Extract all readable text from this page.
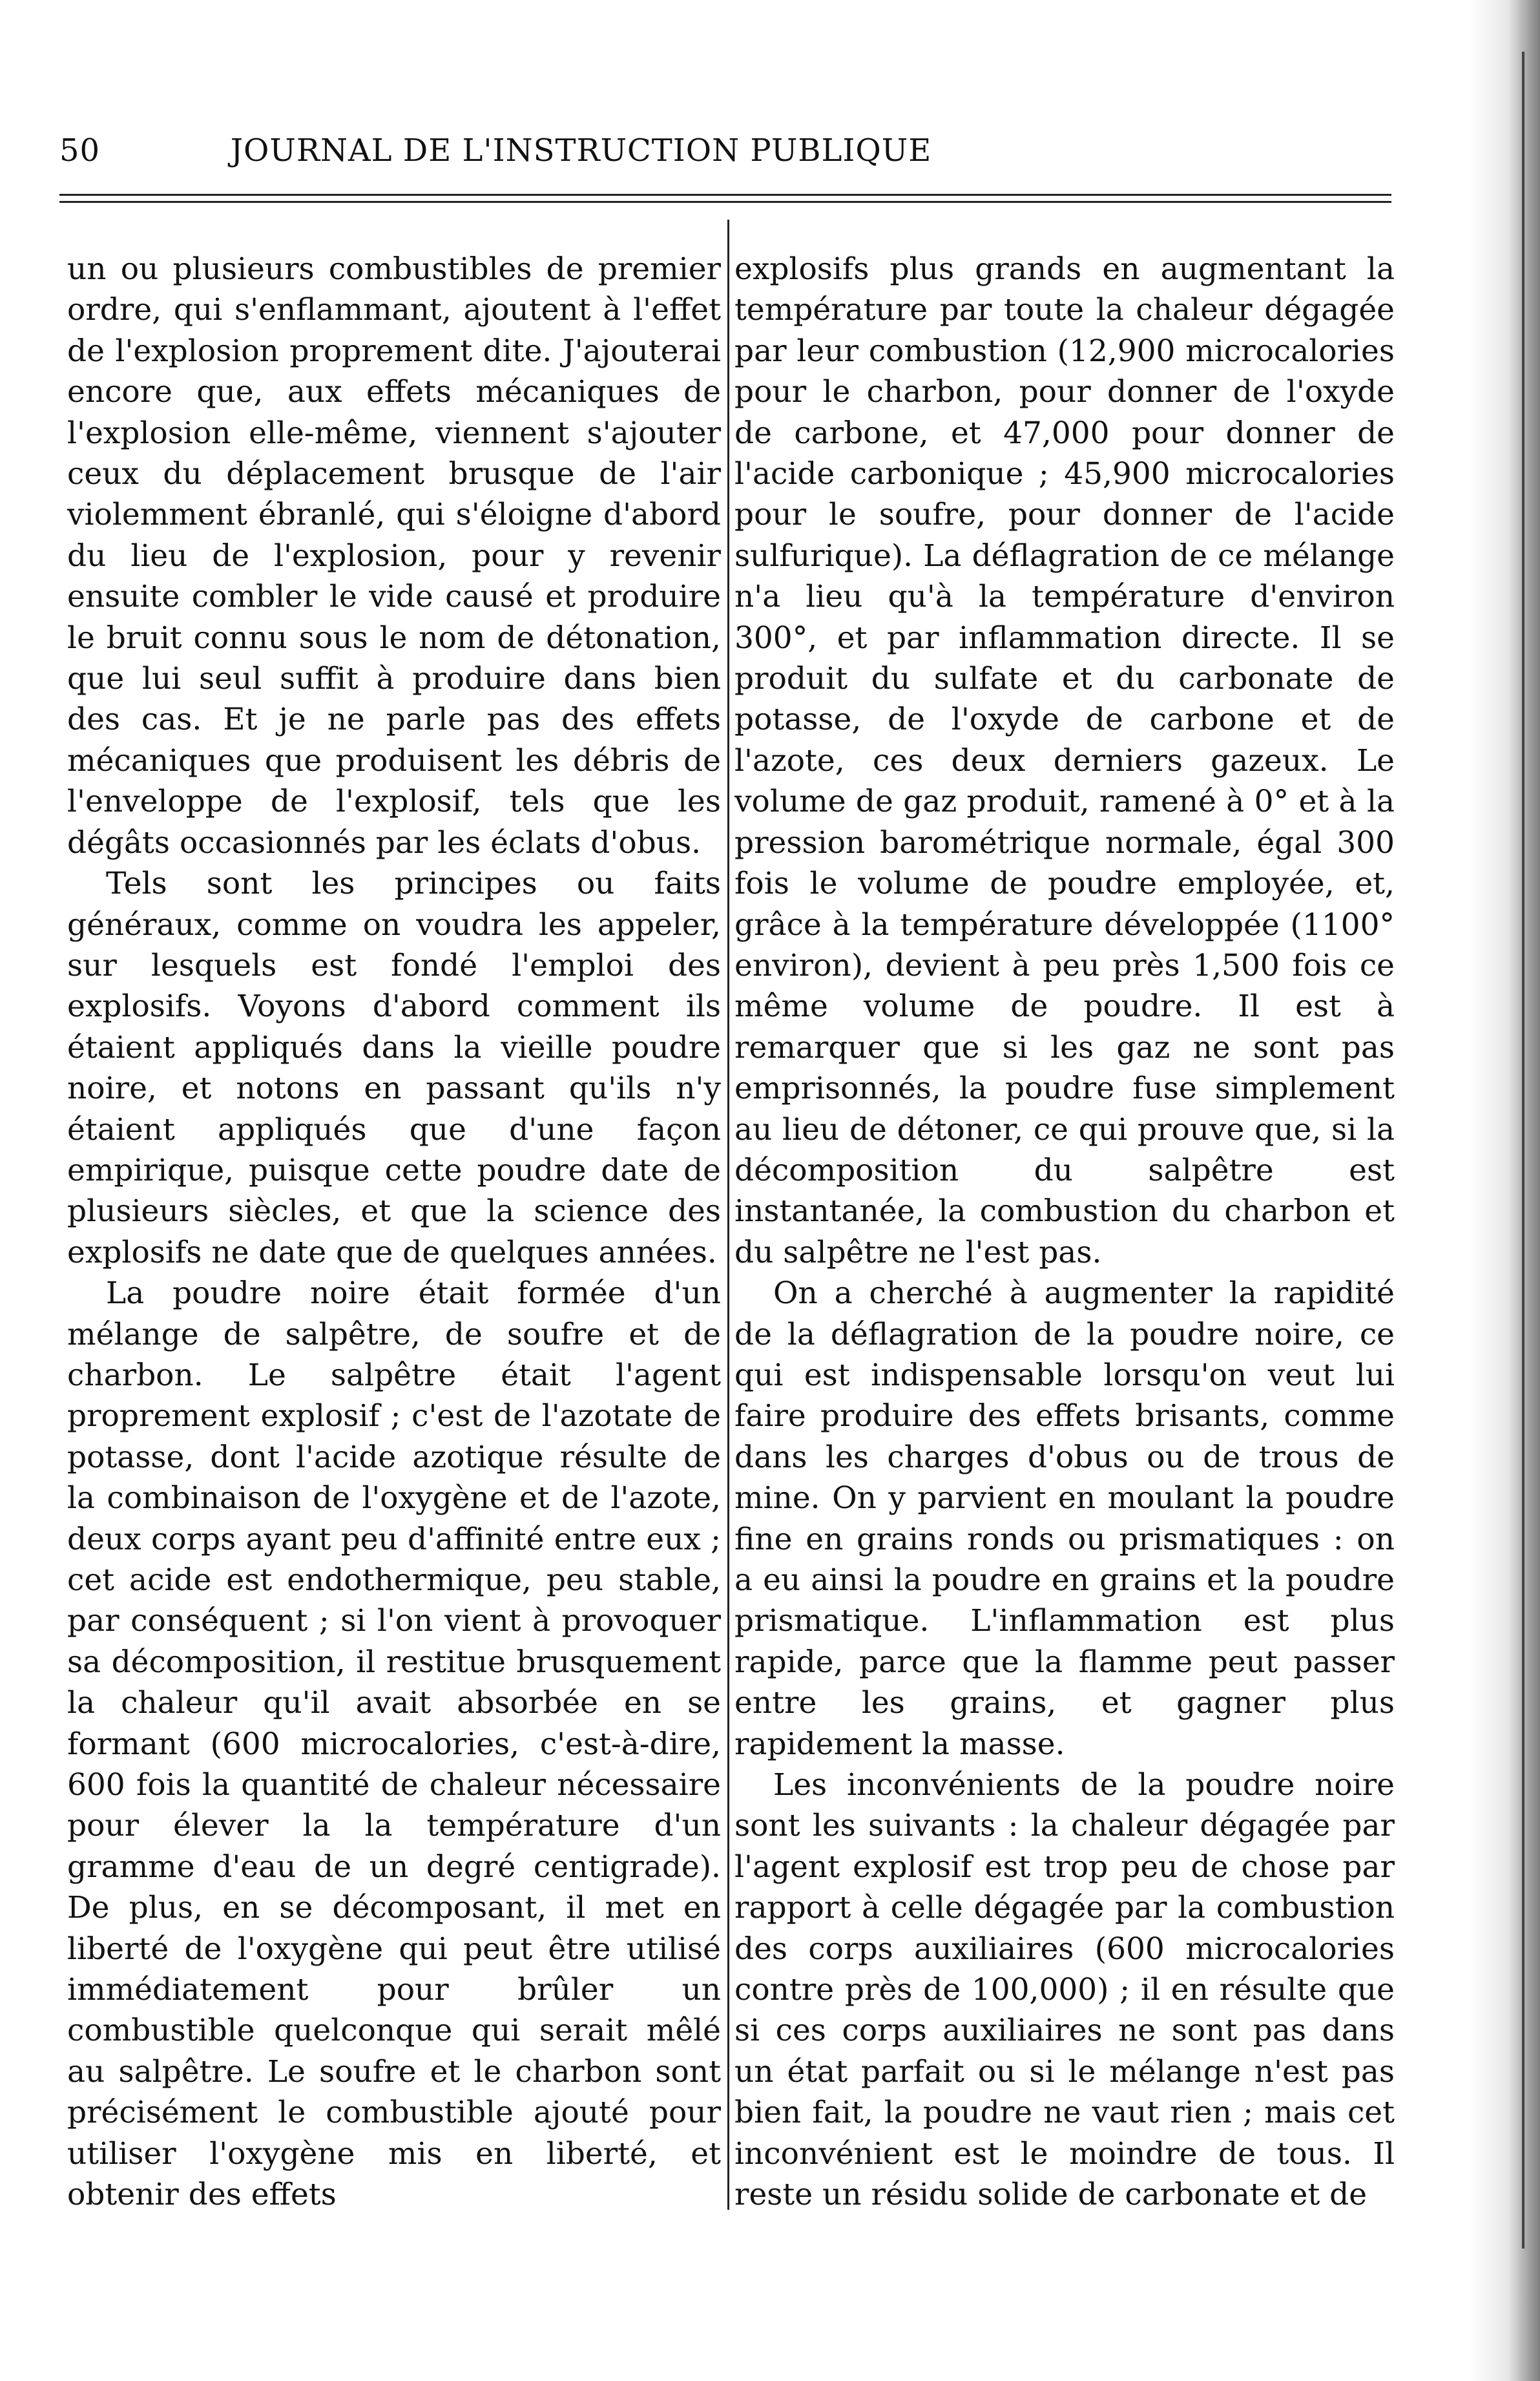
50	JOURNAL DE L'INSTRUCTION PUBLIQUE

un ou plusieurs combustibles de premier ordre, qui s'enflammant, ajoutent à l'effet de l'explosion proprement dite. J'ajouterai encore que, aux effets mécaniques de l'explosion elle-même, viennent s'ajouter ceux du déplacement brusque de l'air violemment ébranlé, qui s'éloigne d'abord du lieu de l'explosion, pour y revenir ensuite combler le vide causé et produire le bruit connu sous le nom de détonation, que lui seul suffit à produire dans bien des cas. Et je ne parle pas des effets mécaniques que produisent les débris de l'enveloppe de l'explosif, tels que les dégâts occasionnés par les éclats d'obus.

Tels sont les principes ou faits généraux, comme on voudra les appeler, sur lesquels est fondé l'emploi des explosifs. Voyons d'abord comment ils étaient appliqués dans la vieille poudre noire, et notons en passant qu'ils n'y étaient appliqués que d'une façon empirique, puisque cette poudre date de plusieurs siècles, et que la science des explosifs ne date que de quelques années.

La poudre noire était formée d'un mélange de salpêtre, de soufre et de charbon. Le salpêtre était l'agent proprement explosif ; c'est de l'azotate de potasse, dont l'acide azotique résulte de la combinaison de l'oxygène et de l'azote, deux corps ayant peu d'affinité entre eux ; cet acide est endothermique, peu stable, par conséquent ; si l'on vient à provoquer sa décomposition, il restitue brusquement la chaleur qu'il avait absorbée en se formant (600 microcalories, c'est-à-dire, 600 fois la quantité de chaleur nécessaire pour élever la la température d'un gramme d'eau de un degré centigrade). De plus, en se décomposant, il met en liberté de l'oxygène qui peut être utilisé immédiatement pour brûler un combustible quelconque qui serait mêlé au salpêtre. Le soufre et le charbon sont précisément le combustible ajouté pour utiliser l'oxygène mis en liberté, et obtenir des effets

explosifs plus grands en augmentant la température par toute la chaleur dégagée par leur combustion (12,900 microcalories pour le charbon, pour donner de l'oxyde de carbone, et 47,000 pour donner de l'acide carbonique ; 45,900 microcalories pour le soufre, pour donner de l'acide sulfurique). La déflagration de ce mélange n'a lieu qu'à la température d'environ 300°, et par inflammation directe. Il se produit du sulfate et du carbonate de potasse, de l'oxyde de carbone et de l'azote, ces deux derniers gazeux. Le volume de gaz produit, ramené à 0° et à la pression barométrique normale, égal 300 fois le volume de poudre employée, et, grâce à la température développée (1100° environ), devient à peu près 1,500 fois ce même volume de poudre. Il est à remarquer que si les gaz ne sont pas emprisonnés, la poudre fuse simplement au lieu de détoner, ce qui prouve que, si la décomposition du salpêtre est instantanée, la combustion du charbon et du salpêtre ne l'est pas.

On a cherché à augmenter la rapidité de la déflagration de la poudre noire, ce qui est indispensable lorsqu'on veut lui faire produire des effets brisants, comme dans les charges d'obus ou de trous de mine. On y parvient en moulant la poudre fine en grains ronds ou prismatiques : on a eu ainsi la poudre en grains et la poudre prismatique. L'inflammation est plus rapide, parce que la flamme peut passer entre les grains, et gagner plus rapidement la masse.

Les inconvénients de la poudre noire sont les suivants : la chaleur dégagée par l'agent explosif est trop peu de chose par rapport à celle dégagée par la combustion des corps auxiliaires (600 microcalories contre près de 100,000) ; il en résulte que si ces corps auxiliaires ne sont pas dans un état parfait ou si le mélange n'est pas bien fait, la poudre ne vaut rien ; mais cet inconvénient est le moindre de tous. Il reste un résidu solide de carbonate et de
